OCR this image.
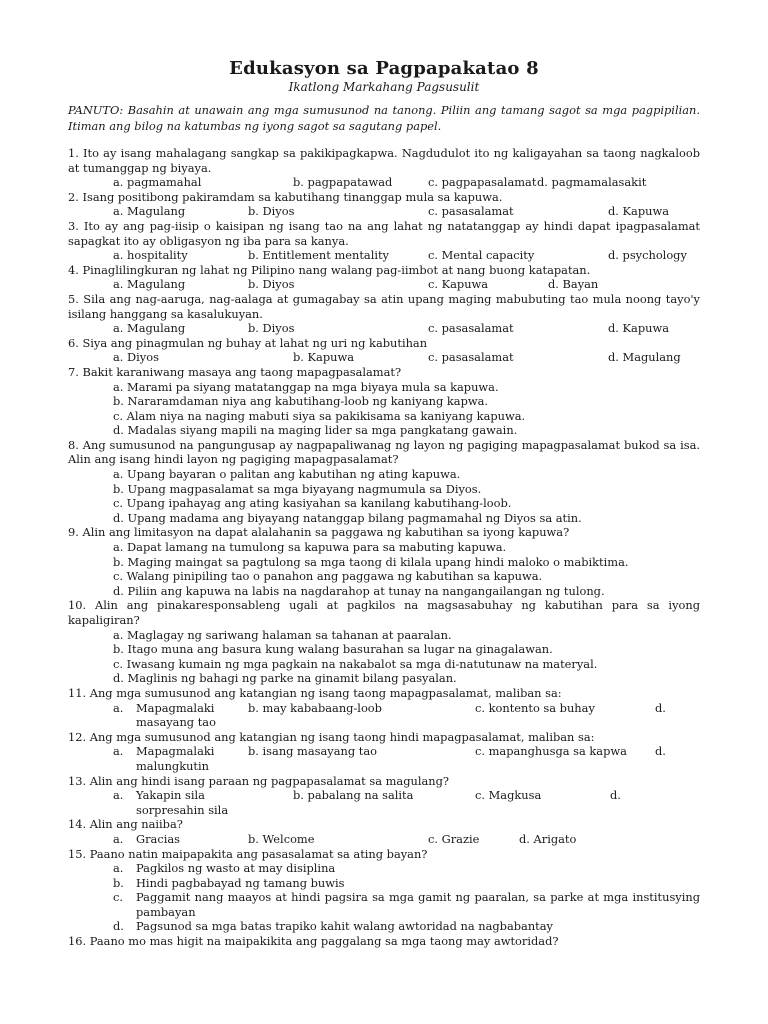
Edukasyon sa Pagpapakatao 8
Ikatlong Markahang Pagsusulit
PANUTO: Basahin at unawain ang mga sumusunod na tanong. Piliin ang tamang sagot sa mga pagpipilian. Itiman ang bilog na katumbas ng iyong sagot sa sagutang papel.
1. Ito ay isang mahalagang sangkap sa pakikipagkapwa. Nagdudulot ito ng kaligayahan sa taong nagkaloob at tumanggap ng biyaya.
a. pagmamahal	b. pagpapatawad	c. pagpapasalamat d. pagmamalasakit
2. Isang positibong pakiramdam sa kabutihang tinanggap mula sa kapuwa.
a. Magulang	b. Diyos	c. pasasalamat	d. Kapuwa
3. Ito ay ang pag-iisip o kaisipan ng isang tao na ang lahat ng natatanggap ay hindi dapat ipagpasalamat sapagkat ito ay obligasyon ng iba para sa kanya.
a. hospitality	b. Entitlement mentality	c. Mental capacity	d. psychology
4. Pinaglilingkuran ng lahat ng Pilipino nang walang pag-iimbot at nang buong katapatan.
a. Magulang	b. Diyos	c. Kapuwa	d. Bayan
5. Sila ang nag-aaruga, nag-aalaga at gumagabay sa atin upang maging mabubuting tao mula noong tayo'y isilang hanggang sa kasalukuyan.
a. Magulang	b. Diyos	c. pasasalamat	d. Kapuwa
6. Siya ang pinagmulan ng buhay at lahat ng uri ng kabutihan
a. Diyos	b. Kapuwa	c. pasasalamat	d. Magulang
7. Bakit karaniwang masaya ang taong mapagpasalamat?
a. Marami pa siyang matatanggap na mga biyaya mula sa kapuwa.
b. Nararamdaman niya ang kabutihang-loob ng kaniyang kapwa.
c. Alam niya na naging mabuti siya sa pakikisama sa kaniyang kapuwa.
d. Madalas siyang mapili na maging lider sa mga pangkatang gawain.
8. Ang sumusunod na pangungusap ay nagpapaliwanag ng layon ng pagiging mapagpasalamat bukod sa isa. Alin ang isang hindi layon ng pagiging mapagpasalamat?
a. Upang bayaran o palitan ang kabutihan ng ating kapuwa.
b. Upang magpasalamat sa mga biyayang nagmumula sa Diyos.
c. Upang ipahayag ang ating kasiyahan sa kanilang kabutihang-loob.
d. Upang madama ang biyayang natanggap bilang pagmamahal ng Diyos sa atin.
9. Alin ang limitasyon na dapat alalahanin sa paggawa ng kabutihan sa iyong kapuwa?
a. Dapat lamang na tumulong sa kapuwa para sa mabuting kapuwa.
b. Maging maingat sa pagtulong sa mga taong di kilala upang hindi maloko o mabiktima.
c. Walang pinipiling tao o panahon ang paggawa ng kabutihan sa kapuwa.
d. Piliin ang kapuwa na labis na nagdarahop at tunay na nangangailangan ng tulong.
10. Alin ang pinakaresponsableng ugali at pagkilos na magsasabuhay ng kabutihan para sa iyong kapaligiran?
a. Maglagay ng sariwang halaman sa tahanan at paaralan.
b. Itago muna ang basura kung walang basurahan sa lugar na ginagalawan.
c. Iwasang kumain ng mga pagkain na nakabalot sa mga di-natutunaw na materyal.
d. Maglinis ng bahagi ng parke na ginamit bilang pasyalan.
11. Ang mga sumusunod ang katangian ng isang taong mapagpasalamat, maliban sa:
a.	Mapagmalaki	b. may kababaang-loob	c. kontento sa buhay	d.
masayang tao
12. Ang mga sumusunod ang katangian ng isang taong hindi mapagpasalamat, maliban sa:
a.	Mapagmalaki	b. isang masayang tao	c. mapanghusga sa kapwa	d.
malungkutin
13. Alin ang hindi isang paraan ng pagpapasalamat sa magulang?
a.	Yakapin sila	b. pabalang na salita	c. Magkusa	d.
sorpresahin sila
14. Alin ang naiiba?
a.	Gracias	b. Welcome	c. Grazie	d. Arigato
15. Paano natin maipapakita ang pasasalamat sa ating bayan?
a.	Pagkilos ng wasto at may disiplina
b.	Hindi pagbabayad ng tamang buwis
c.	Paggamit nang maayos at hindi pagsira sa mga gamit ng paaralan, sa parke at mga institusying pambayan
d.	Pagsunod sa mga batas trapiko kahit walang awtoridad na nagbabantay
16. Paano mo mas higit na maipakikita ang paggalang sa mga taong may awtoridad?
